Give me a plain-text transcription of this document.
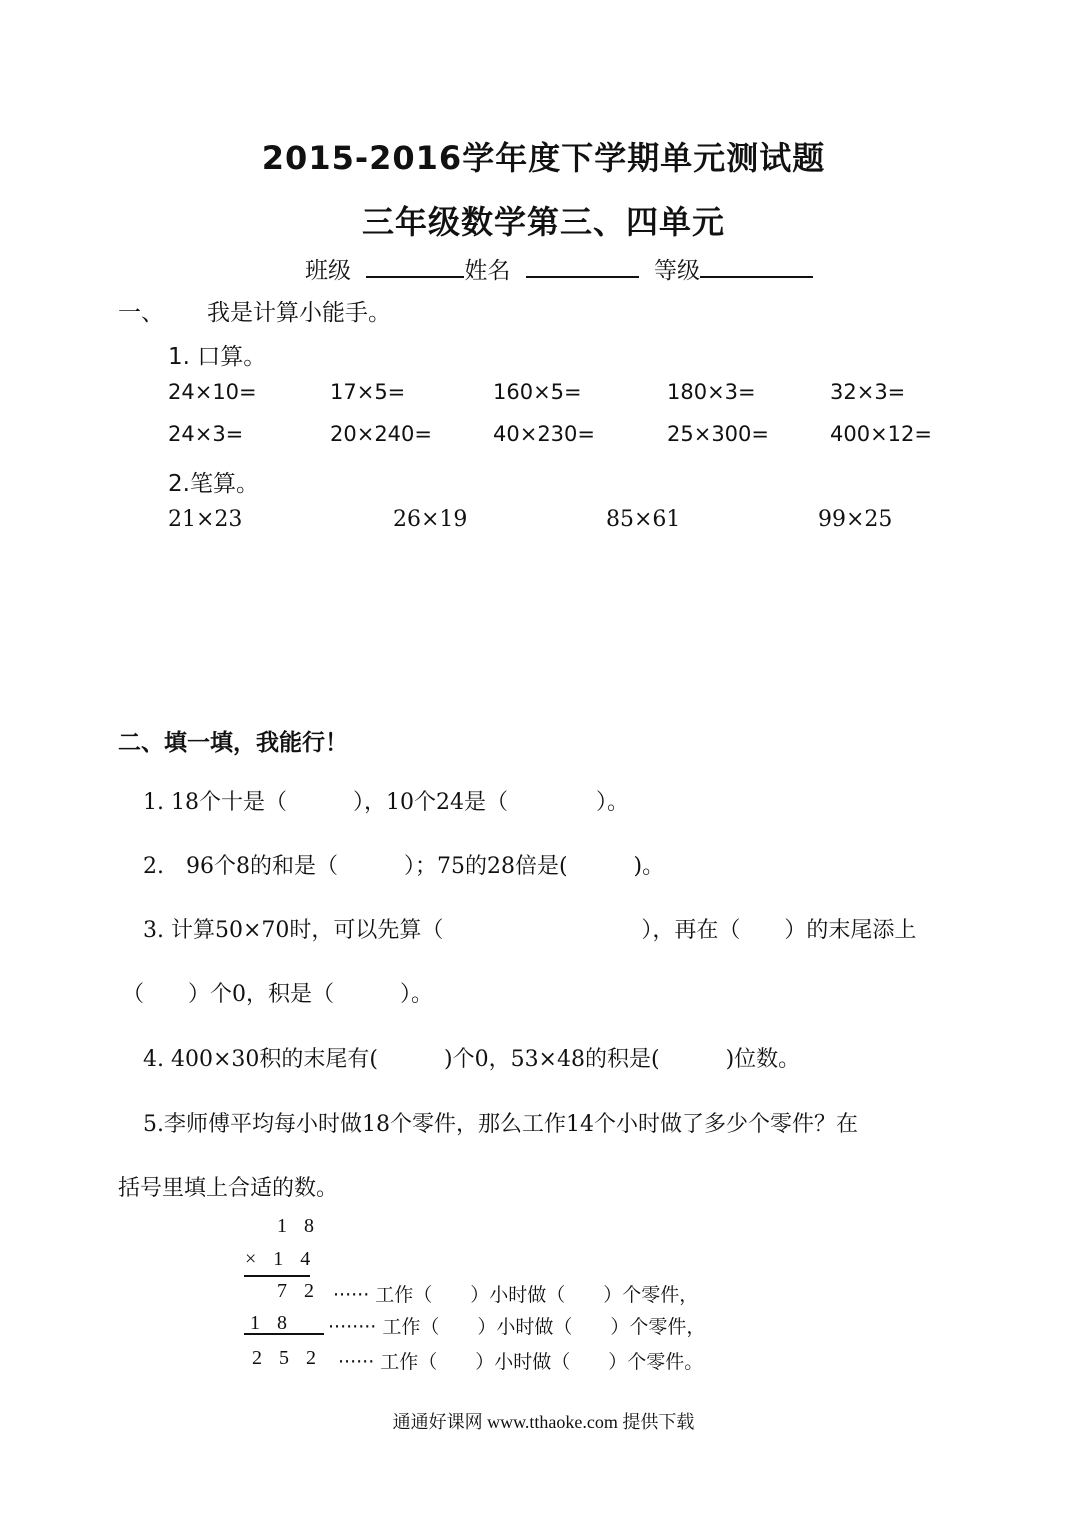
2015-2016学年度下学期单元测试题
三年级数学第三、四单元
班级	姓名	等级
一、 我是计算小能手。
1. 口算。
24×10=	17×5=	160×5=	180×3=	32×3=
24×3=	20×240=	40×230=	25×300=	400×12=
2.笔算。
21×23	26×19	85×61	99×25
二、填一填，我能行！
1. 18个十是（　　　），10个24是（　　　　）。
2.　96个8的和是（　　　）；75的28倍是(　　　)。
3. 计算50×70时，可以先算（　　　　　　　　　），再在（　　）的末尾添上
（　　）个0，积是（　　　）。
4. 400×30积的末尾有(　　　)个0，53×48的积是(　　　)位数。
5.李师傅平均每小时做18个零件，那么工作14个小时做了多少个零件？在
括号里填上合适的数。
1 8
× 1 4
7 2 ······ 工作（　　）小时做（　　）个零件，
1 8 ········ 工作（　　）小时做（　　）个零件，
2 5 2 ······ 工作（　　）小时做（　　）个零件。
通通好课网 www.tthaoke.com 提供下载
